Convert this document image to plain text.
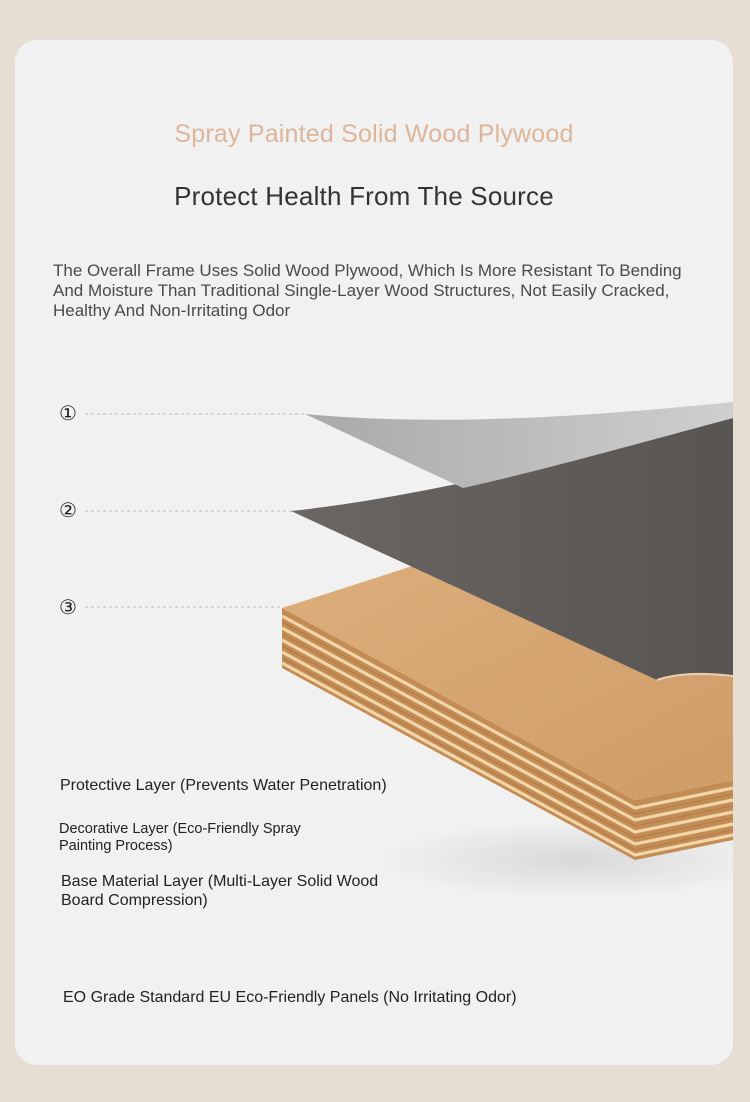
Spray Painted Solid Wood Plywood
Protect Health From The Source
The Overall Frame Uses Solid Wood Plywood, Which Is More Resistant To Bending And Moisture Than Traditional Single-Layer Wood Structures, Not Easily Cracked, Healthy And Non-Irritating Odor
①
②
③
Protective Layer (Prevents Water Penetration)
Decorative Layer (Eco-Friendly Spray Painting Process)
Base Material Layer (Multi-Layer Solid Wood Board Compression)
EO Grade Standard EU Eco-Friendly Panels (No Irritating Odor)
